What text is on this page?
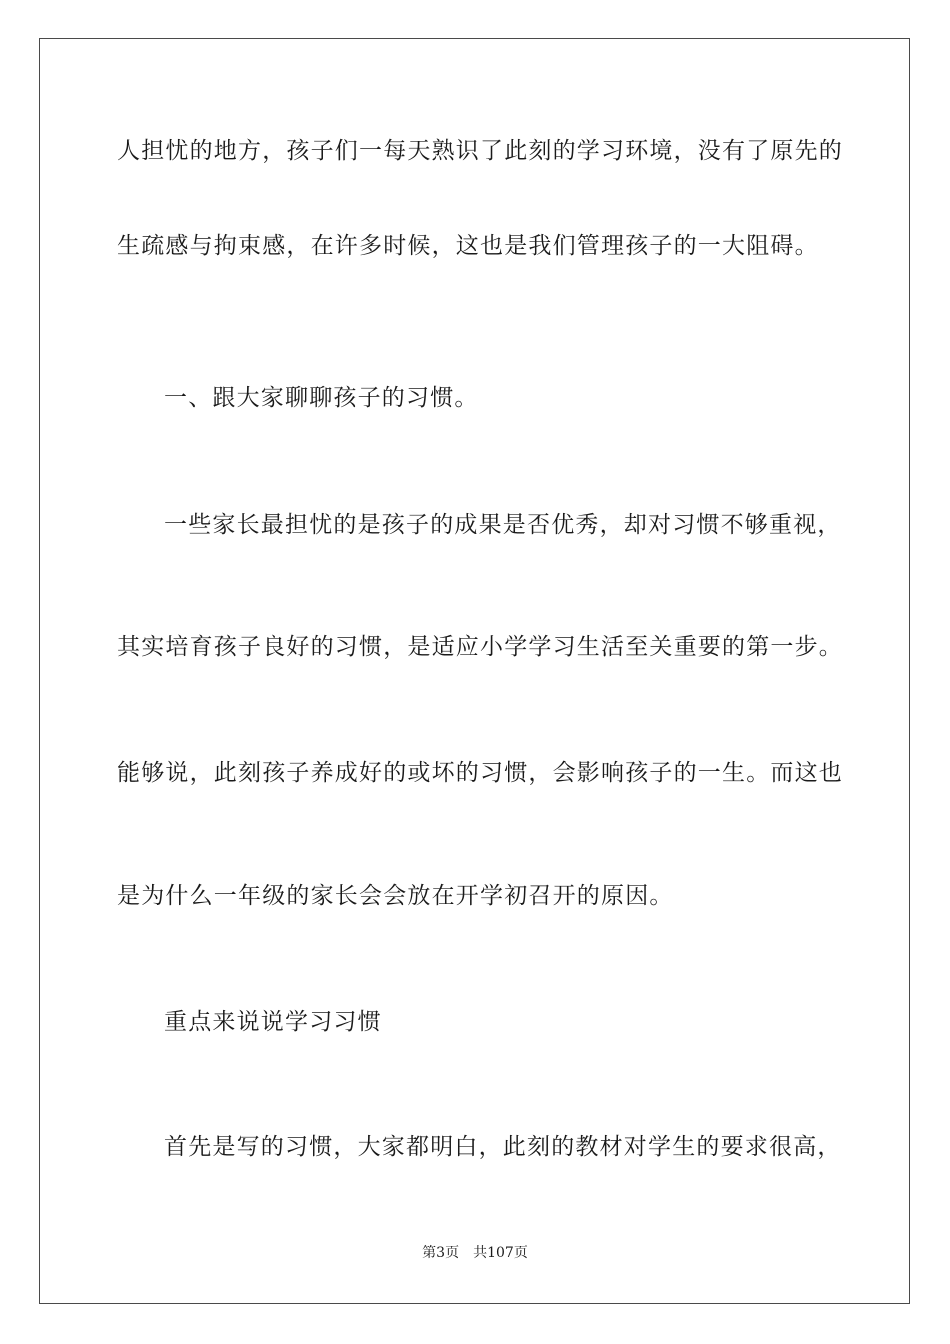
人担忧的地方，孩子们一每天熟识了此刻的学习环境，没有了原先的
生疏感与拘束感，在许多时候，这也是我们管理孩子的一大阻碍。
一、跟大家聊聊孩子的习惯。
一些家长最担忧的是孩子的成果是否优秀，却对习惯不够重视，
其实培育孩子良好的习惯，是适应小学学习生活至关重要的第一步。
能够说，此刻孩子养成好的或坏的习惯，会影响孩子的一生。而这也
是为什么一年级的家长会会放在开学初召开的原因。
重点来说说学习习惯
首先是写的习惯，大家都明白，此刻的教材对学生的要求很高，
第3页 共107页
